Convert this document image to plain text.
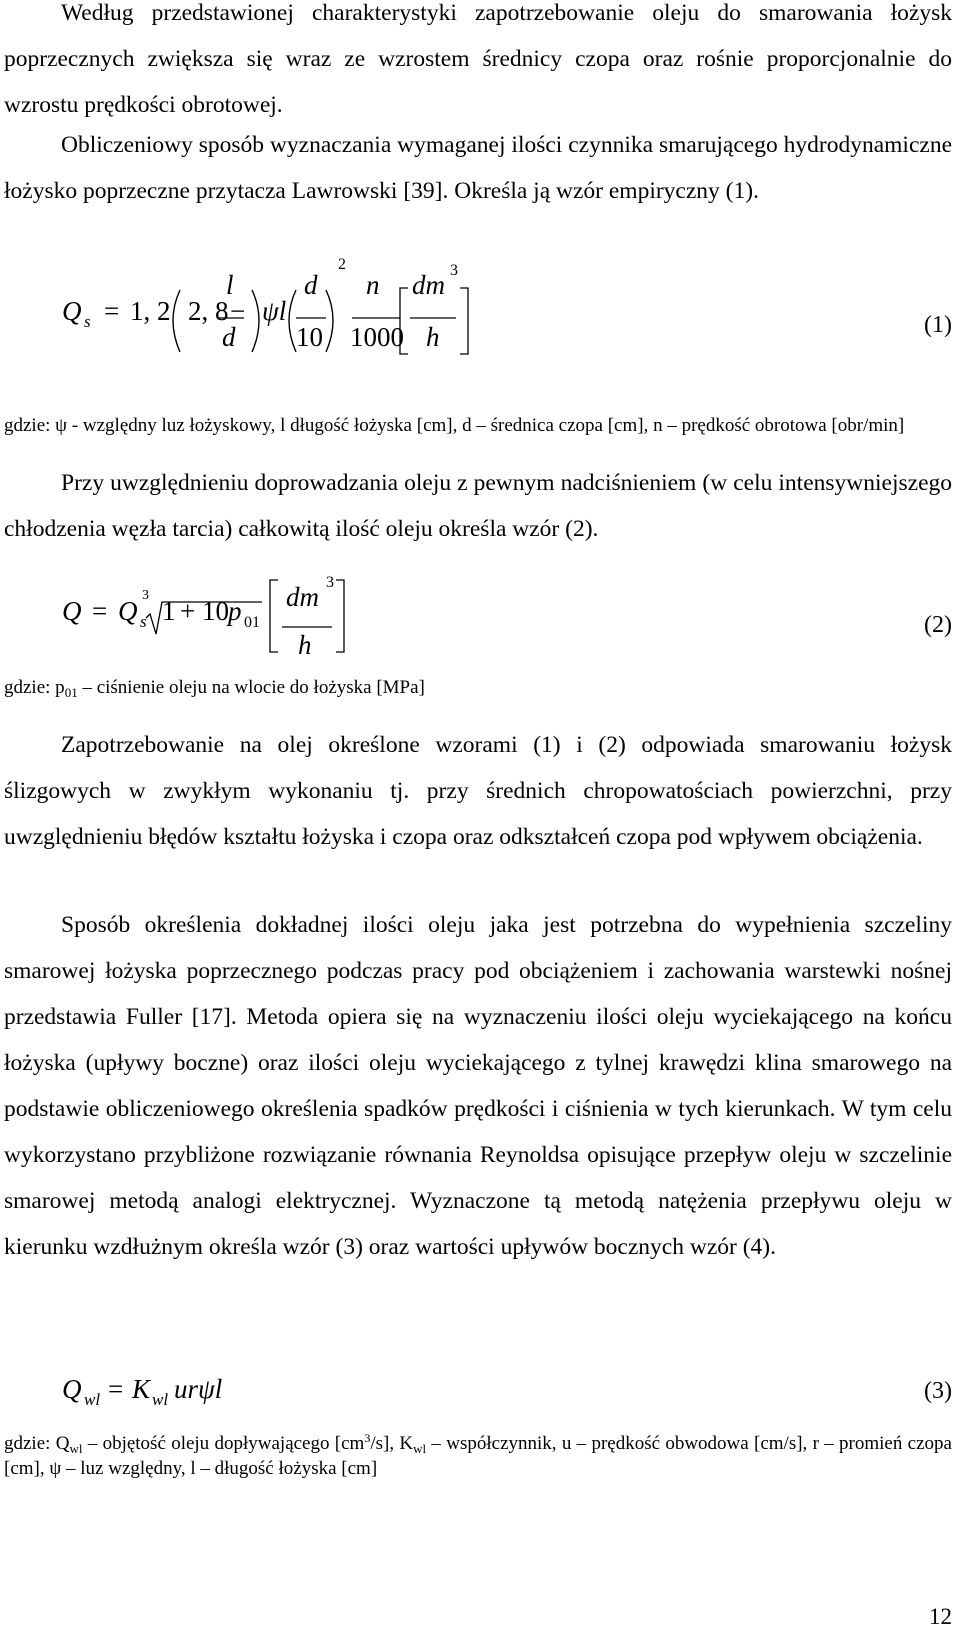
Według przedstawionej charakterystyki zapotrzebowanie oleju do smarowania łożysk poprzecznych zwiększa się wraz ze wzrostem średnicy czopa oraz rośnie proporcjonalnie do wzrostu prędkości obrotowej.
Obliczeniowy sposób wyznaczania wymaganej ilości czynnika smarującego hydrodynamiczne łożysko poprzeczne przytacza Lawrowski [39]. Określa ją wzór empiryczny (1).
Q s = 1, 2 2, 8 −
l
d
ψl
d
10
2
n
1000
dm 3
h	(1)
gdzie: ψ - względny luz łożyskowy, l długość łożyska [cm], d – średnica czopa [cm], n – prędkość obrotowa [obr/min]
Przy uwzględnieniu doprowadzania oleju z pewnym nadciśnieniem (w celu intensywniejszego chłodzenia węzła tarcia) całkowitą ilość oleju określa wzór (2).
Q = Q s
3
1 + 10 p 01
dm 3
h
(2)
gdzie: $p_{01}$ – ciśnienie oleju na wlocie do łożyska [MPa]
Zapotrzebowanie na olej określone wzorami (1) i (2) odpowiada smarowaniu łożysk ślizgowych w zwykłym wykonaniu tj. przy średnich chropowatościach powierzchni, przy uwzględnieniu błędów kształtu łożyska i czopa oraz odkształceń czopa pod wpływem obciążenia.
Sposób określenia dokładnej ilości oleju jaka jest potrzebna do wypełnienia szczeliny smarowej łożyska poprzecznego podczas pracy pod obciążeniem i zachowania warstewki nośnej przedstawia Fuller [17]. Metoda opiera się na wyznaczeniu ilości oleju wyciekającego na końcu łożyska (upływy boczne) oraz ilości oleju wyciekającego z tylnej krawędzi klina smarowego na podstawie obliczeniowego określenia spadków prędkości i ciśnienia w tych kierunkach. W tym celu wykorzystano przybliżone rozwiązanie równania Reynoldsa opisujące przepływ oleju w szczelinie smarowej metodą analogi elektrycznej. Wyznaczone tą metodą natężenia przepływu oleju w kierunku wzdłużnym określa wzór (3) oraz wartości upływów bocznych wzór (4).
Q wl = K wl urψl	(3)
gdzie: $Q_{wl}$ – objętość oleju dopływającego $[cm^3/s]$, $K_{wl}$ – współczynnik, u – prędkość obwodowa [cm/s], r – promień czopa [cm], ψ – luz względny, l – długość łożyska [cm]
12
